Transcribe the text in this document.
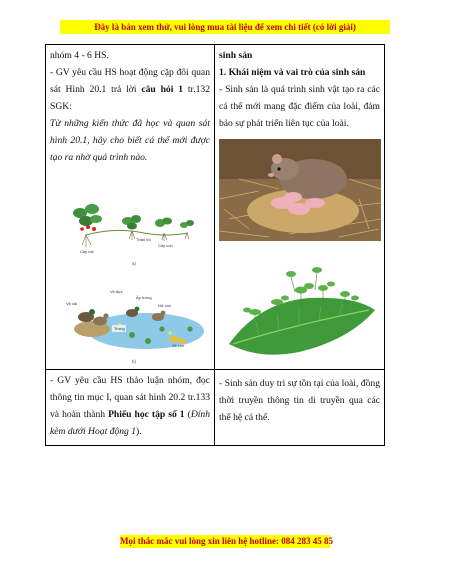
Đây là bản xem thử, vui lòng mua tài liệu để xem chi tiết (có lời giải)

nhóm 4 - 6 HS.

- GV yêu cầu HS hoạt động cặp đôi quan sát Hình 20.1 trả lời câu hỏi 1 tr.132 SGK:

Từ những kiến thức đã học và quan sát hình 20.1, hãy cho biết cá thể mới được tạo ra nhờ quá trình nào.

Thân bò
Cây con
Cây mẹ
a)
Vịt đực
Vịt cái
Ấp trứng
Nở con
Trứng
Vịt con
b)

sinh sản

1. Khái niệm và vai trò của sinh sản

- Sinh sản là quá trình sinh vật tạo ra các cá thể mới mang đặc điểm của loài, đảm bảo sự phát triển liên tục của loài.

- GV yêu cầu HS thảo luận nhóm, đọc thông tin mục I, quan sát hình 20.2 tr.133 và hoàn thành Phiếu học tập số 1 (Đính kèm dưới Hoạt động 1).

- Sinh sản duy trì sự tồn tại của loài, đồng thời truyền thông tin di truyền qua các thế hệ cá thể.

Mọi thắc mắc vui lòng xin liên hệ hotline: 084 283 45 85
